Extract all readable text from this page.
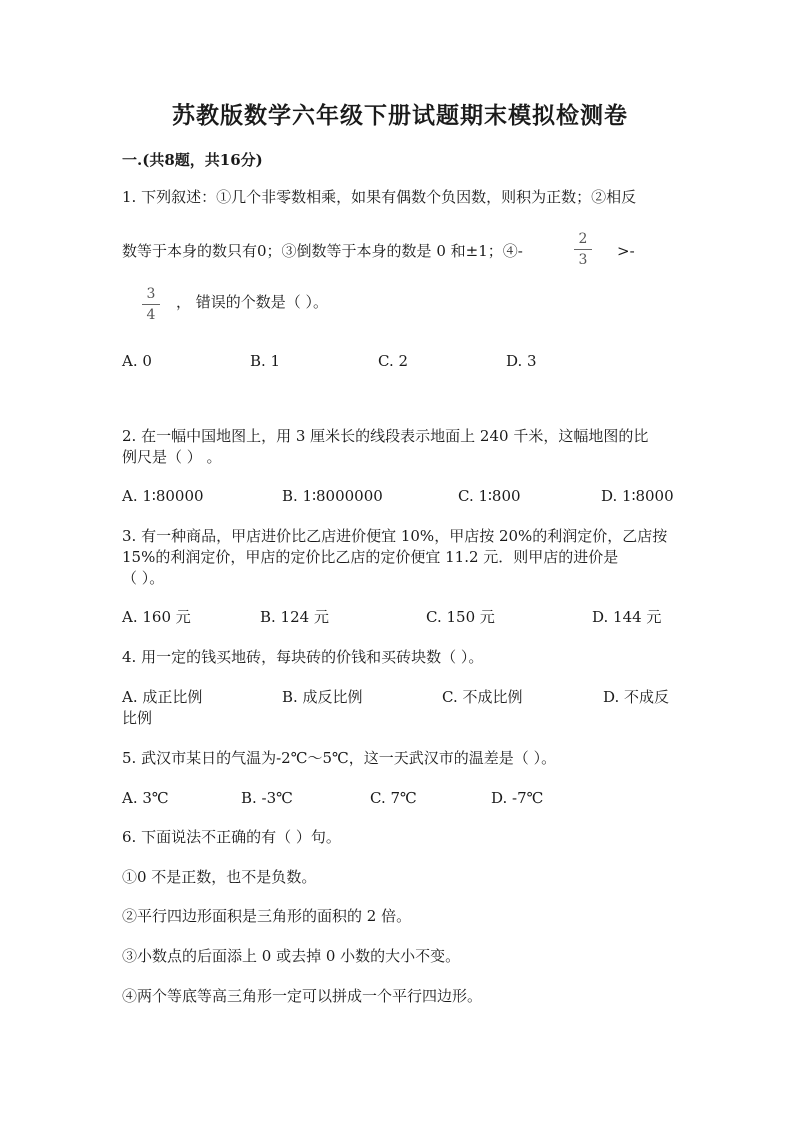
苏教版数学六年级下册试题期末模拟检测卷
一.(共8题，共16分)
1. 下列叙述：①几个非零数相乘，如果有偶数个负因数，则积为正数；②相反
数等于本身的数只有0；③倒数等于本身的数是 0 和±1；④-
2
3	>-
3
4
， 错误的个数是（ ）。
A. 0	B. 1	C. 2	D. 3
2. 在一幅中国地图上，用 3 厘米长的线段表示地面上 240 千米，这幅地图的比
例尺是（ ） 。
A. 1∶80000	B. 1∶8000000	C. 1∶800	D. 1∶8000
3. 有一种商品，甲店进价比乙店进价便宜 10%，甲店按 20%的利润定价，乙店按
15%的利润定价，甲店的定价比乙店的定价便宜 11.2 元．则甲店的进价是
（ ）。
A. 160 元	B. 124 元	C. 150 元	D. 144 元
4. 用一定的钱买地砖，每块砖的价钱和买砖块数（ ）。
A. 成正比例	B. 成反比例	C. 不成比例	D. 不成反
比例
5. 武汉市某日的气温为-2℃～5℃，这一天武汉市的温差是（ ）。
A. 3℃	B. -3℃	C. 7℃	D. -7℃
6. 下面说法不正确的有（ ）句。
①0 不是正数，也不是负数。
②平行四边形面积是三角形的面积的 2 倍。
③小数点的后面添上 0 或去掉 0 小数的大小不变。
④两个等底等高三角形一定可以拼成一个平行四边形。
